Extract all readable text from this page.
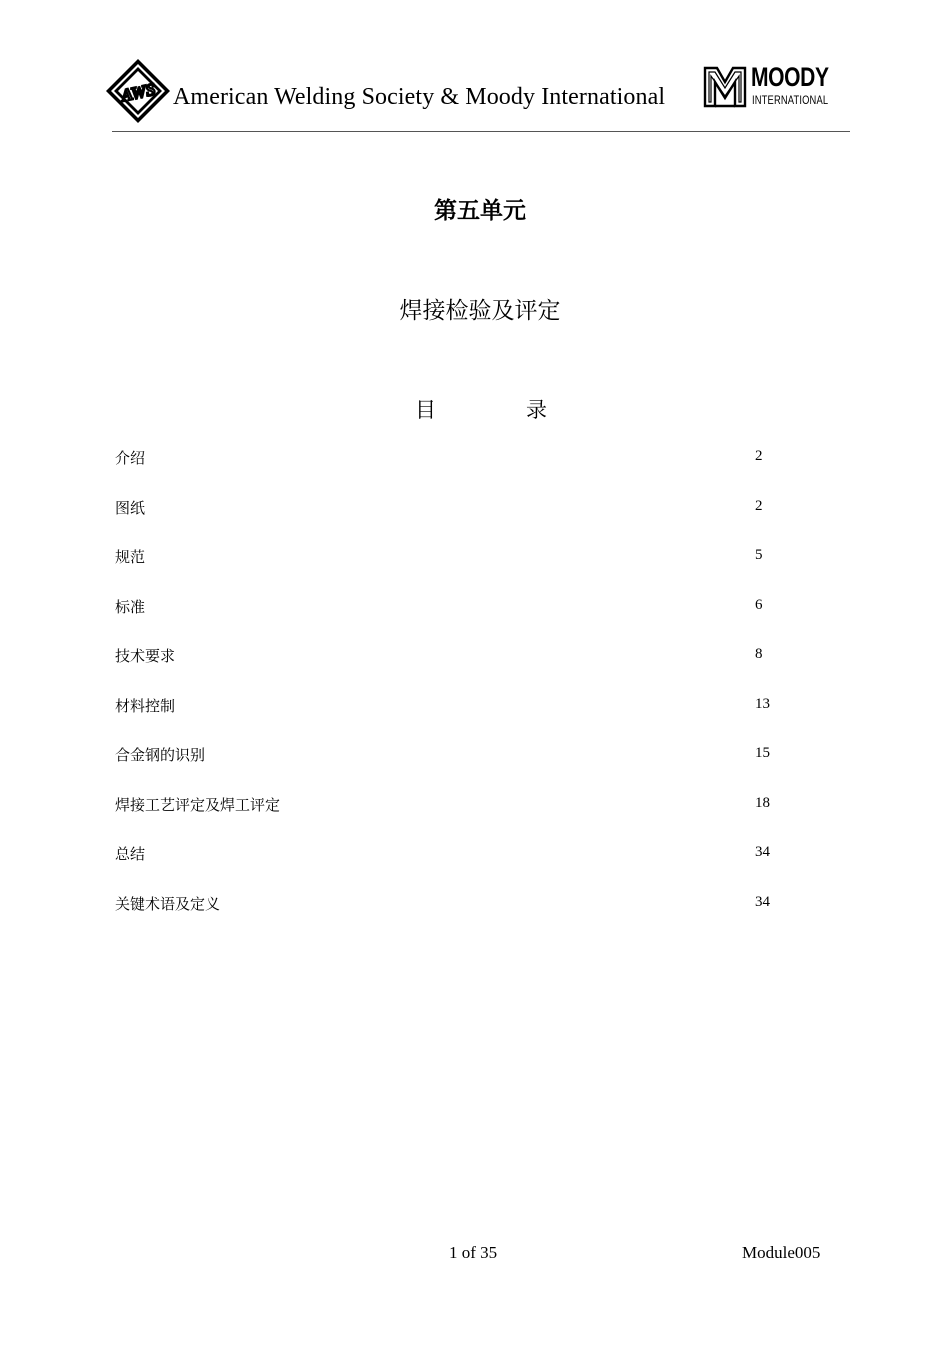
AWS American Welding Society & Moody International
MOODY
INTERNATIONAL
第五单元
焊接检验及评定
目	录
介绍	2
图纸	2
规范	5
标准	6
技术要求	8
材料控制	13
合金钢的识别	15
焊接工艺评定及焊工评定	18
总结	34
关键术语及定义	34
1 of 35	Module005
